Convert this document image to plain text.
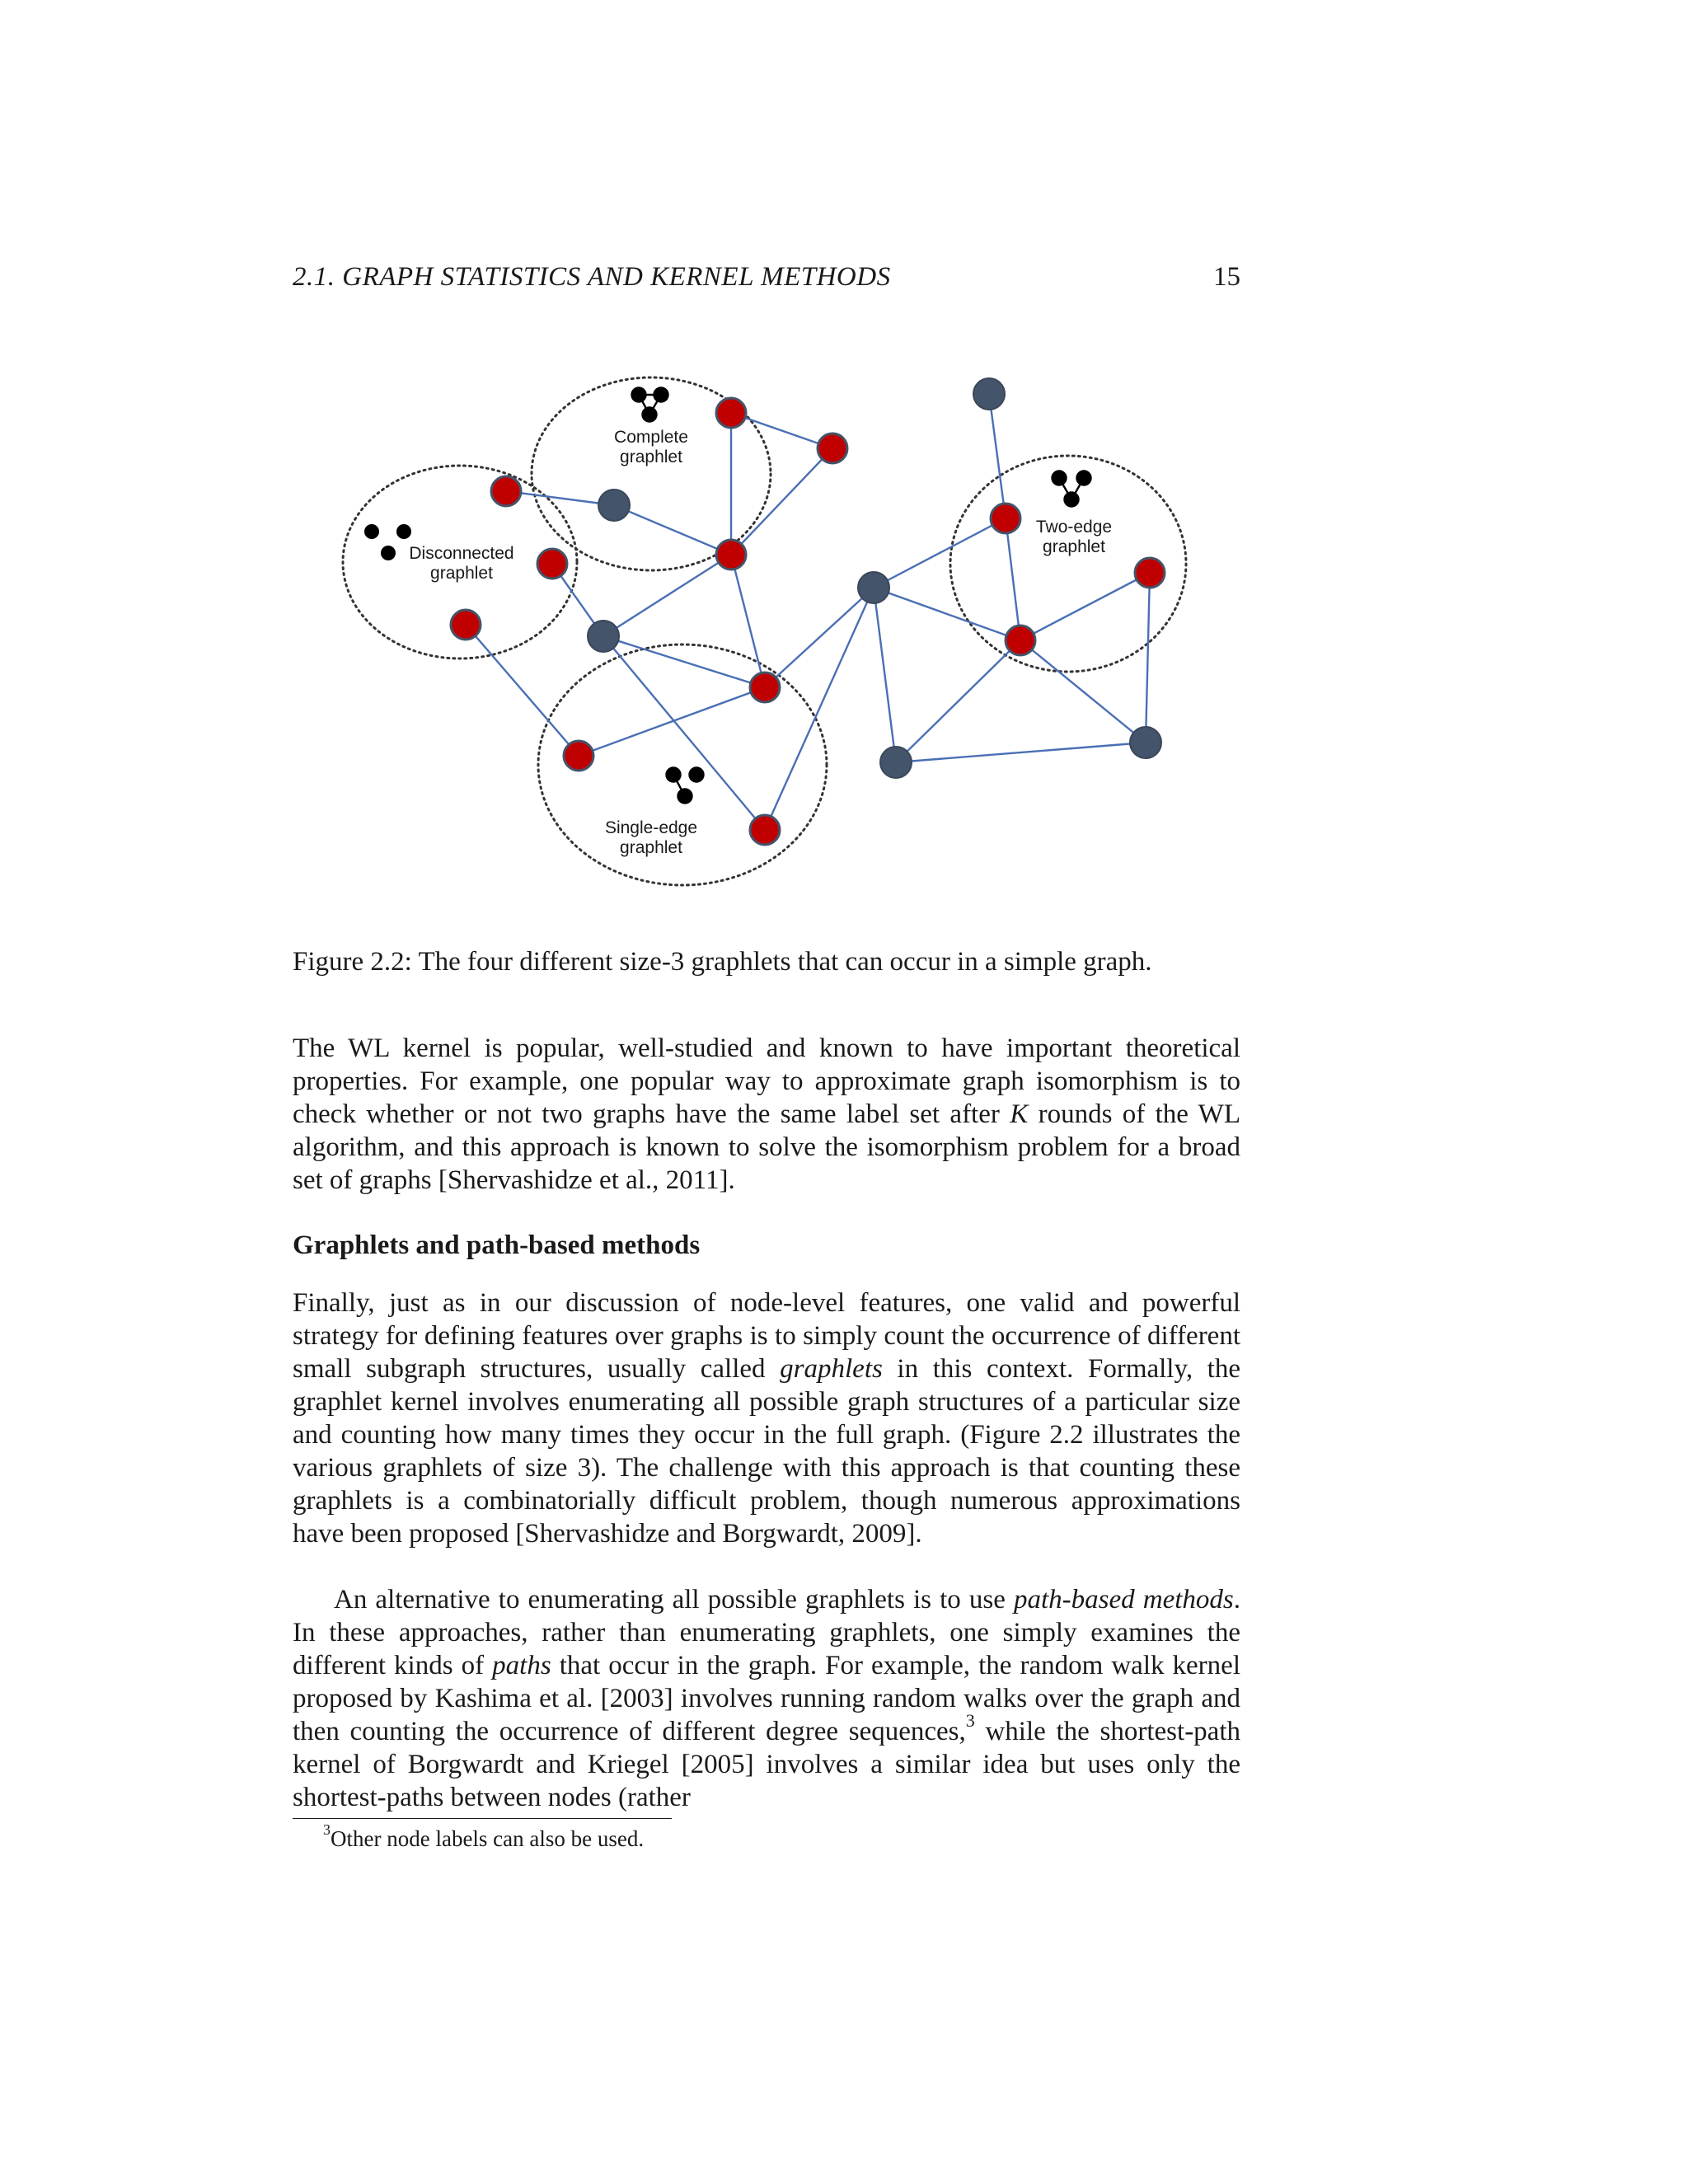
2.1. GRAPH STATISTICS AND KERNEL METHODS	15
Complete
graphlet
Disconnected
graphlet
Two-edge
graphlet
Single-edge
graphlet
Figure 2.2: The four different size-3 graphlets that can occur in a simple graph.
The WL kernel is popular, well-studied and known to have important theoretical properties. For example, one popular way to approximate graph isomorphism is to check whether or not two graphs have the same label set after K rounds of the WL algorithm, and this approach is known to solve the isomorphism problem for a broad set of graphs [Shervashidze et al., 2011].
Graphlets and path-based methods
Finally, just as in our discussion of node-level features, one valid and powerful strategy for defining features over graphs is to simply count the occurrence of different small subgraph structures, usually called graphlets in this context. Formally, the graphlet kernel involves enumerating all possible graph structures of a particular size and counting how many times they occur in the full graph. (Figure 2.2 illustrates the various graphlets of size 3). The challenge with this approach is that counting these graphlets is a combinatorially difficult problem, though numerous approximations have been proposed [Shervashidze and Borgwardt, 2009].
An alternative to enumerating all possible graphlets is to use path-based methods. In these approaches, rather than enumerating graphlets, one simply examines the different kinds of paths that occur in the graph. For example, the random walk kernel proposed by Kashima et al. [2003] involves running random walks over the graph and then counting the occurrence of different degree sequences,$^3$ while the shortest-path kernel of Borgwardt and Kriegel [2005] involves a similar idea but uses only the shortest-paths between nodes (rather
$^3$Other node labels can also be used.
